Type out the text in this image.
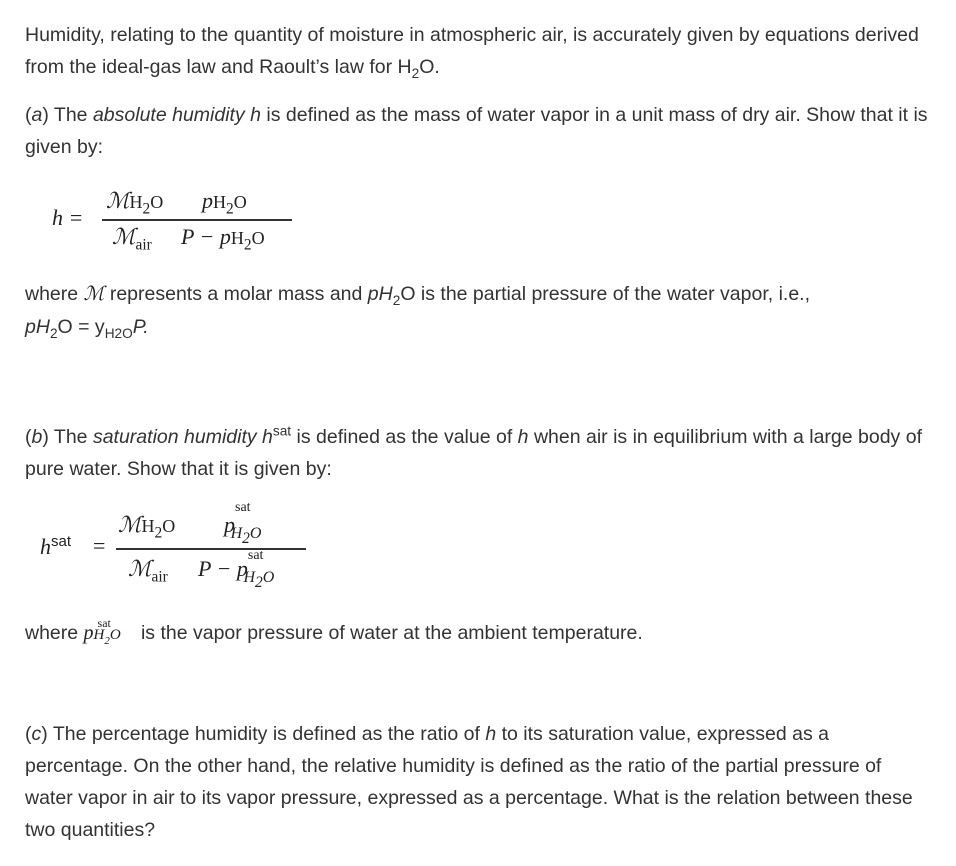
Humidity, relating to the quantity of moisture in atmospheric air, is accurately given by equations derived from the ideal-gas law and Raoult’s law for $H_2O$.

(a) The absolute humidity h is defined as the mass of water vapor in a unit mass of dry air. Show that it is given by:

h =
ℳH$_2$O $pH_2O$
ℳ$_{air}$ $P - pH_2O$

where ℳ represents a molar mass and $pH_2O$ is the partial pressure of the water vapor, i.e.,

$pH_2O = y_{H2O}P$.

(b) The saturation humidity $h^{sat}$ is defined as the value of h when air is in equilibrium with a large body of pure water. Show that it is given by:

$h^{sat}$ =
ℳH$_2$O psat$_{H2O}$
ℳ$_{air}$ P − psat$_{H2O}$

where $pH_2O$
sat is the vapor pressure of water at the ambient temperature.

(c) The percentage humidity is defined as the ratio of h to its saturation value, expressed as a percentage. On the other hand, the relative humidity is defined as the ratio of the partial pressure of water vapor in air to its vapor pressure, expressed as a percentage. What is the relation between these two quantities?
